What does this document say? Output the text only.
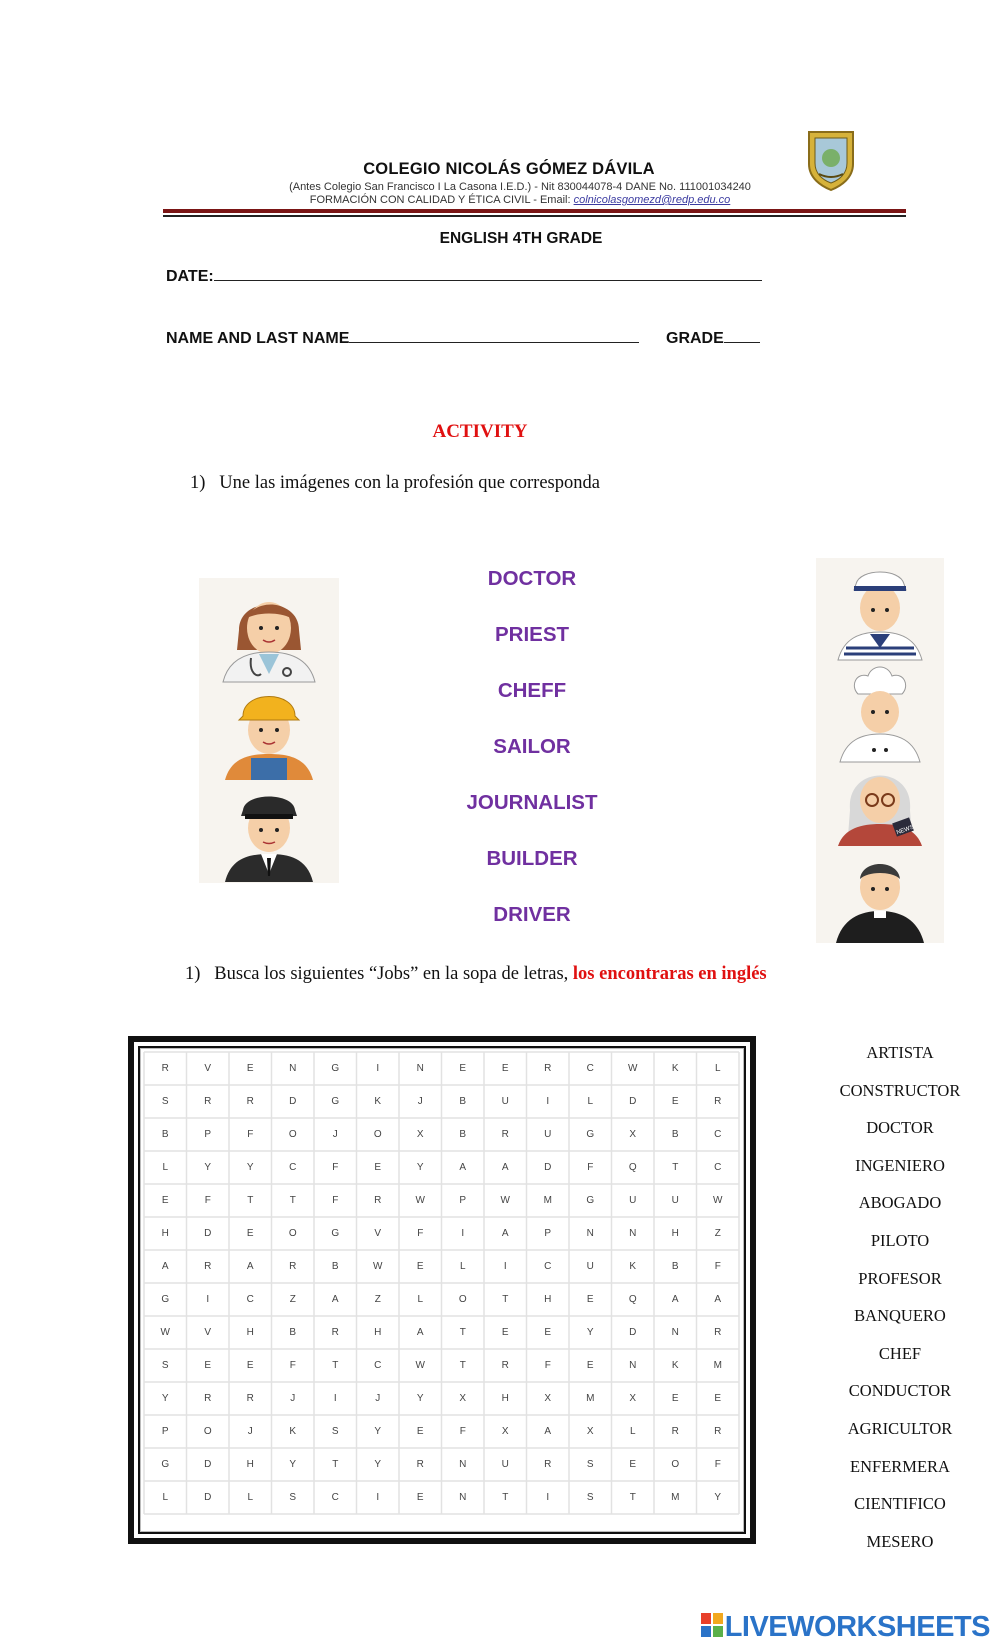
COLEGIO NICOLÁS GÓMEZ DÁVILA
(Antes Colegio San Francisco I La Casona I.E.D.) - Nit 830044078-4 DANE No. 111001034240
FORMACIÓN CON CALIDAD Y ÉTICA CIVIL - Email: colnicolasgomezd@redp.edu.co
ENGLISH 4TH GRADE
DATE:
NAME AND LAST NAME	GRADE
ACTIVITY
1) Une las imágenes con la profesión que corresponda
DOCTOR
PRIEST
CHEFF
SAILOR
JOURNALIST
BUILDER
DRIVER
NEWS
1) Busca los siguientes “Jobs” en la sopa de letras, los encontraras en inglés
R	V	E	N	G	I	N	E	E	R	C	W	K	L
S	R	R	D	G	K	J	B	U	I	L	D	E	R
B	P	F	O	J	O	X	B	R	U	G	X	B	C
L	Y	Y	C	F	E	Y	A	A	D	F	Q	T	C
E	F	T	T	F	R	W	P	W	M	G	U	U	W
H	D	E	O	G	V	F	I	A	P	N	N	H	Z
A	R	A	R	B	W	E	L	I	C	U	K	B	F
G	I	C	Z	A	Z	L	O	T	H	E	Q	A	A
W	V	H	B	R	H	A	T	E	E	Y	D	N	R
S	E	E	F	T	C	W	T	R	F	E	N	K	M
Y	R	R	J	I	J	Y	X	H	X	M	X	E	E
P	O	J	K	S	Y	E	F	X	A	X	L	R	R
G	D	H	Y	T	Y	R	N	U	R	S	E	O	F
L	D	L	S	C	I	E	N	T	I	S	T	M	Y
ARTISTA
CONSTRUCTOR
DOCTOR
INGENIERO
ABOGADO
PILOTO
PROFESOR
BANQUERO
CHEF
CONDUCTOR
AGRICULTOR
ENFERMERA
CIENTIFICO
MESERO
LIVEWORKSHEETS
